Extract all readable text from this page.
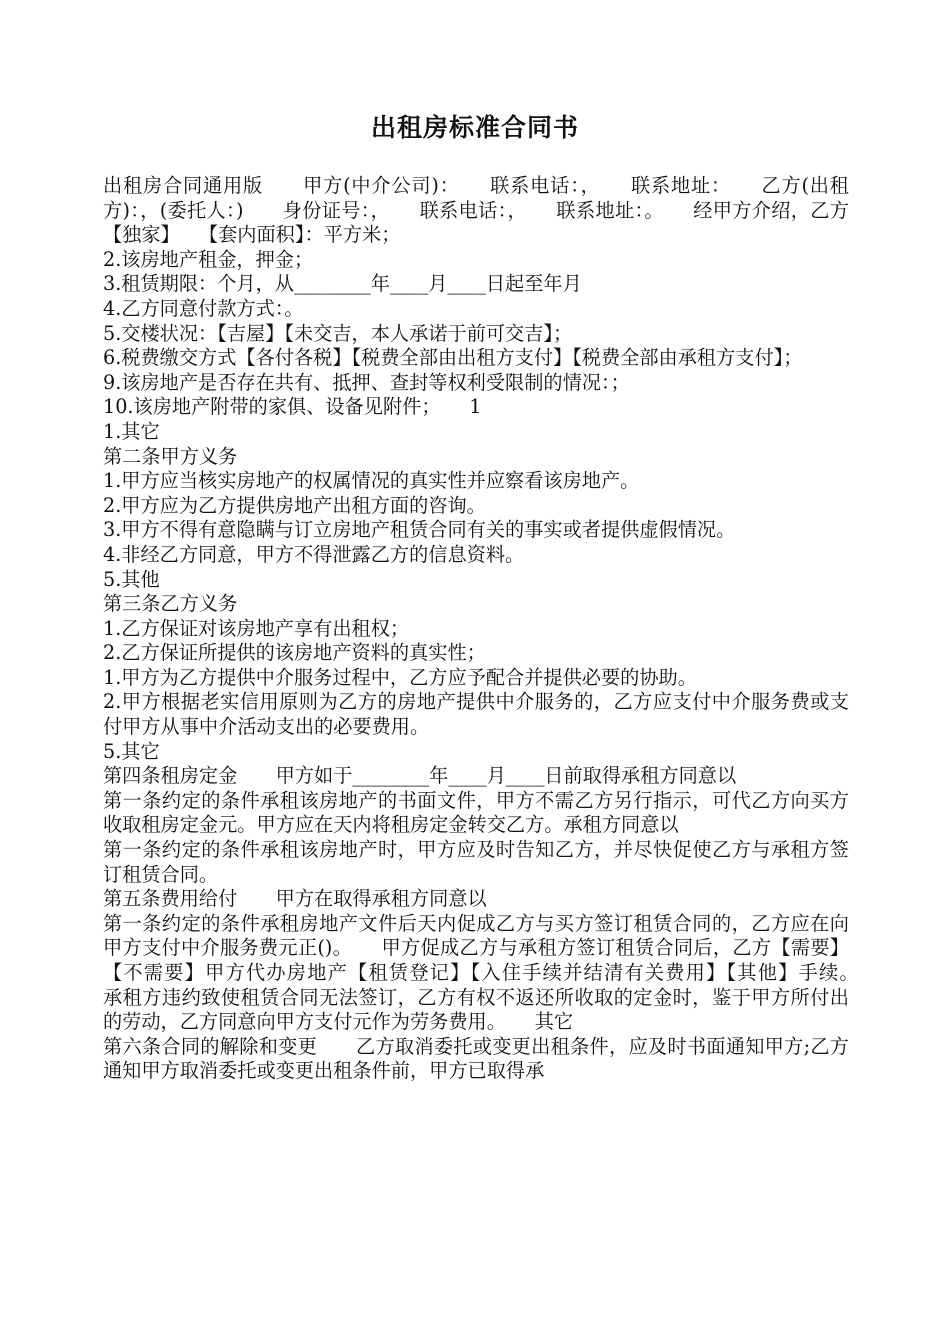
出租房标准合同书

出租房合同通用版　　甲方(中介公司)：　　联系电话：，　　联系地址：　　乙方(出租方)：，(委托人：)　　身份证号：，　　联系电话：，　　联系地址：。　　经甲方介绍，乙方【独家】　　【套内面积】：平方米；

2.该房地产租金，押金；

3.租赁期限：个月，从________年____月____日起至年月

4.乙方同意付款方式：。

5.交楼状况：【吉屋】【未交吉，本人承诺于前可交吉】；

6.税费缴交方式【各付各税】【税费全部由出租方支付】【税费全部由承租方支付】；

9.该房地产是否存在共有、抵押、查封等权利受限制的情况：；

10.该房地产附带的家俱、设备见附件；　　1

1.其它

第二条甲方义务

1.甲方应当核实房地产的权属情况的真实性并应察看该房地产。

2.甲方应为乙方提供房地产出租方面的咨询。

3.甲方不得有意隐瞒与订立房地产租赁合同有关的事实或者提供虚假情况。

4.非经乙方同意，甲方不得泄露乙方的信息资料。

5.其他

第三条乙方义务

1.乙方保证对该房地产享有出租权；

2.乙方保证所提供的该房地产资料的真实性；

1.甲方为乙方提供中介服务过程中，乙方应予配合并提供必要的协助。

2.甲方根据老实信用原则为乙方的房地产提供中介服务的，乙方应支付中介服务费或支付甲方从事中介活动支出的必要费用。

5.其它

第四条租房定金　　甲方如于________年____月____日前取得承租方同意以

第一条约定的条件承租该房地产的书面文件，甲方不需乙方另行指示，可代乙方向买方收取租房定金元。甲方应在天内将租房定金转交乙方。承租方同意以

第一条约定的条件承租该房地产时，甲方应及时告知乙方，并尽快促使乙方与承租方签订租赁合同。

第五条费用给付　　甲方在取得承租方同意以

第一条约定的条件承租房地产文件后天内促成乙方与买方签订租赁合同的，乙方应在向甲方支付中介服务费元正()。　　甲方促成乙方与承租方签订租赁合同后，乙方【需要】【不需要】甲方代办房地产【租赁登记】【入住手续并结清有关费用】【其他】手续。　　承租方违约致使租赁合同无法签订，乙方有权不返还所收取的定金时，鉴于甲方所付出的劳动，乙方同意向甲方支付元作为劳务费用。　　其它

第六条合同的解除和变更　　乙方取消委托或变更出租条件，应及时书面通知甲方;乙方通知甲方取消委托或变更出租条件前，甲方已取得承
